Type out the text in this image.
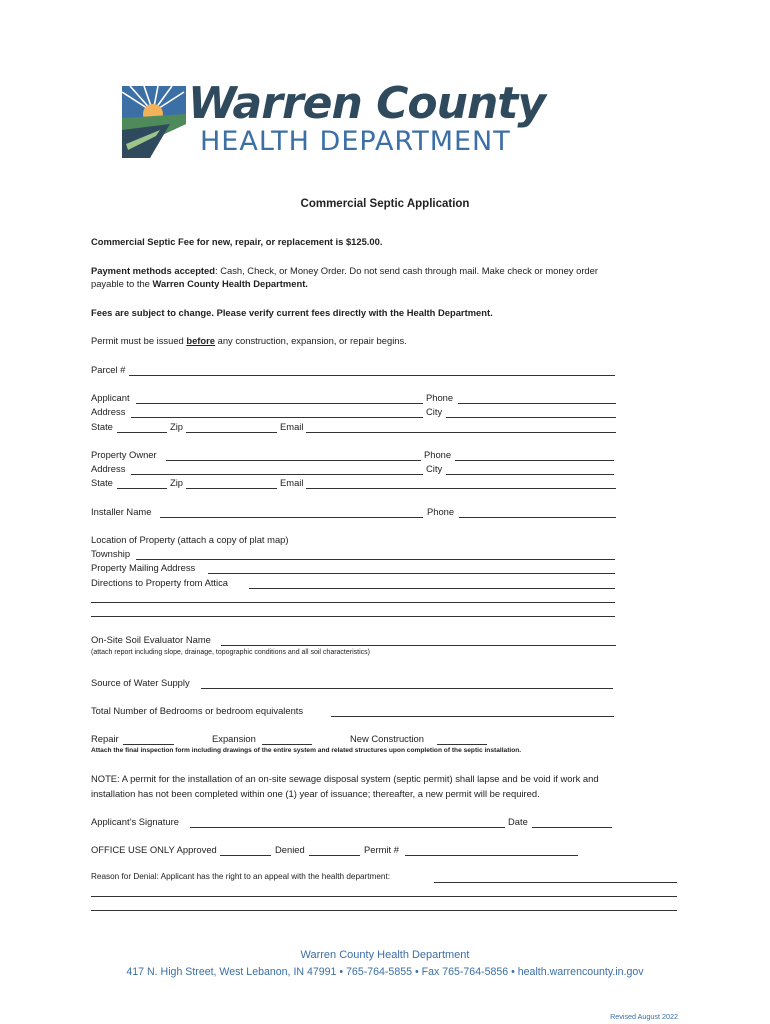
Warren County
HEALTH DEPARTMENT
Commercial Septic Application
Commercial Septic Fee for new, repair, or replacement is $125.00.
Payment methods accepted: Cash, Check, or Money Order. Do not send cash through mail. Make check or money order
payable to the Warren County Health Department.
Fees are subject to change. Please verify current fees directly with the Health Department.
Permit must be issued before any construction, expansion, or repair begins.
Parcel #
Applicant	Phone
Address	City
State	Zip	Email
Property Owner	Phone
Address	City
State	Zip	Email
Installer Name	Phone
Location of Property (attach a copy of plat map)
Township
Property Mailing Address
Directions to Property from Attica
On-Site Soil Evaluator Name
(attach report including slope, drainage, topographic conditions and all soil characteristics)
Source of Water Supply
Total Number of Bedrooms or bedroom equivalents
Repair	Expansion	New Construction
Attach the final inspection form including drawings of the entire system and related structures upon completion of the septic installation.
NOTE: A permit for the installation of an on-site sewage disposal system (septic permit) shall lapse and be void if work and
installation has not been completed within one (1) year of issuance; thereafter, a new permit will be required.
Applicant’s Signature	Date
OFFICE USE ONLY Approved	Denied	Permit #
Reason for Denial: Applicant has the right to an appeal with the health department:
Warren County Health Department
417 N. High Street, West Lebanon, IN 47991 • 765-764-5855 • Fax 765-764-5856 • health.warrencounty.in.gov
Revised August 2022
